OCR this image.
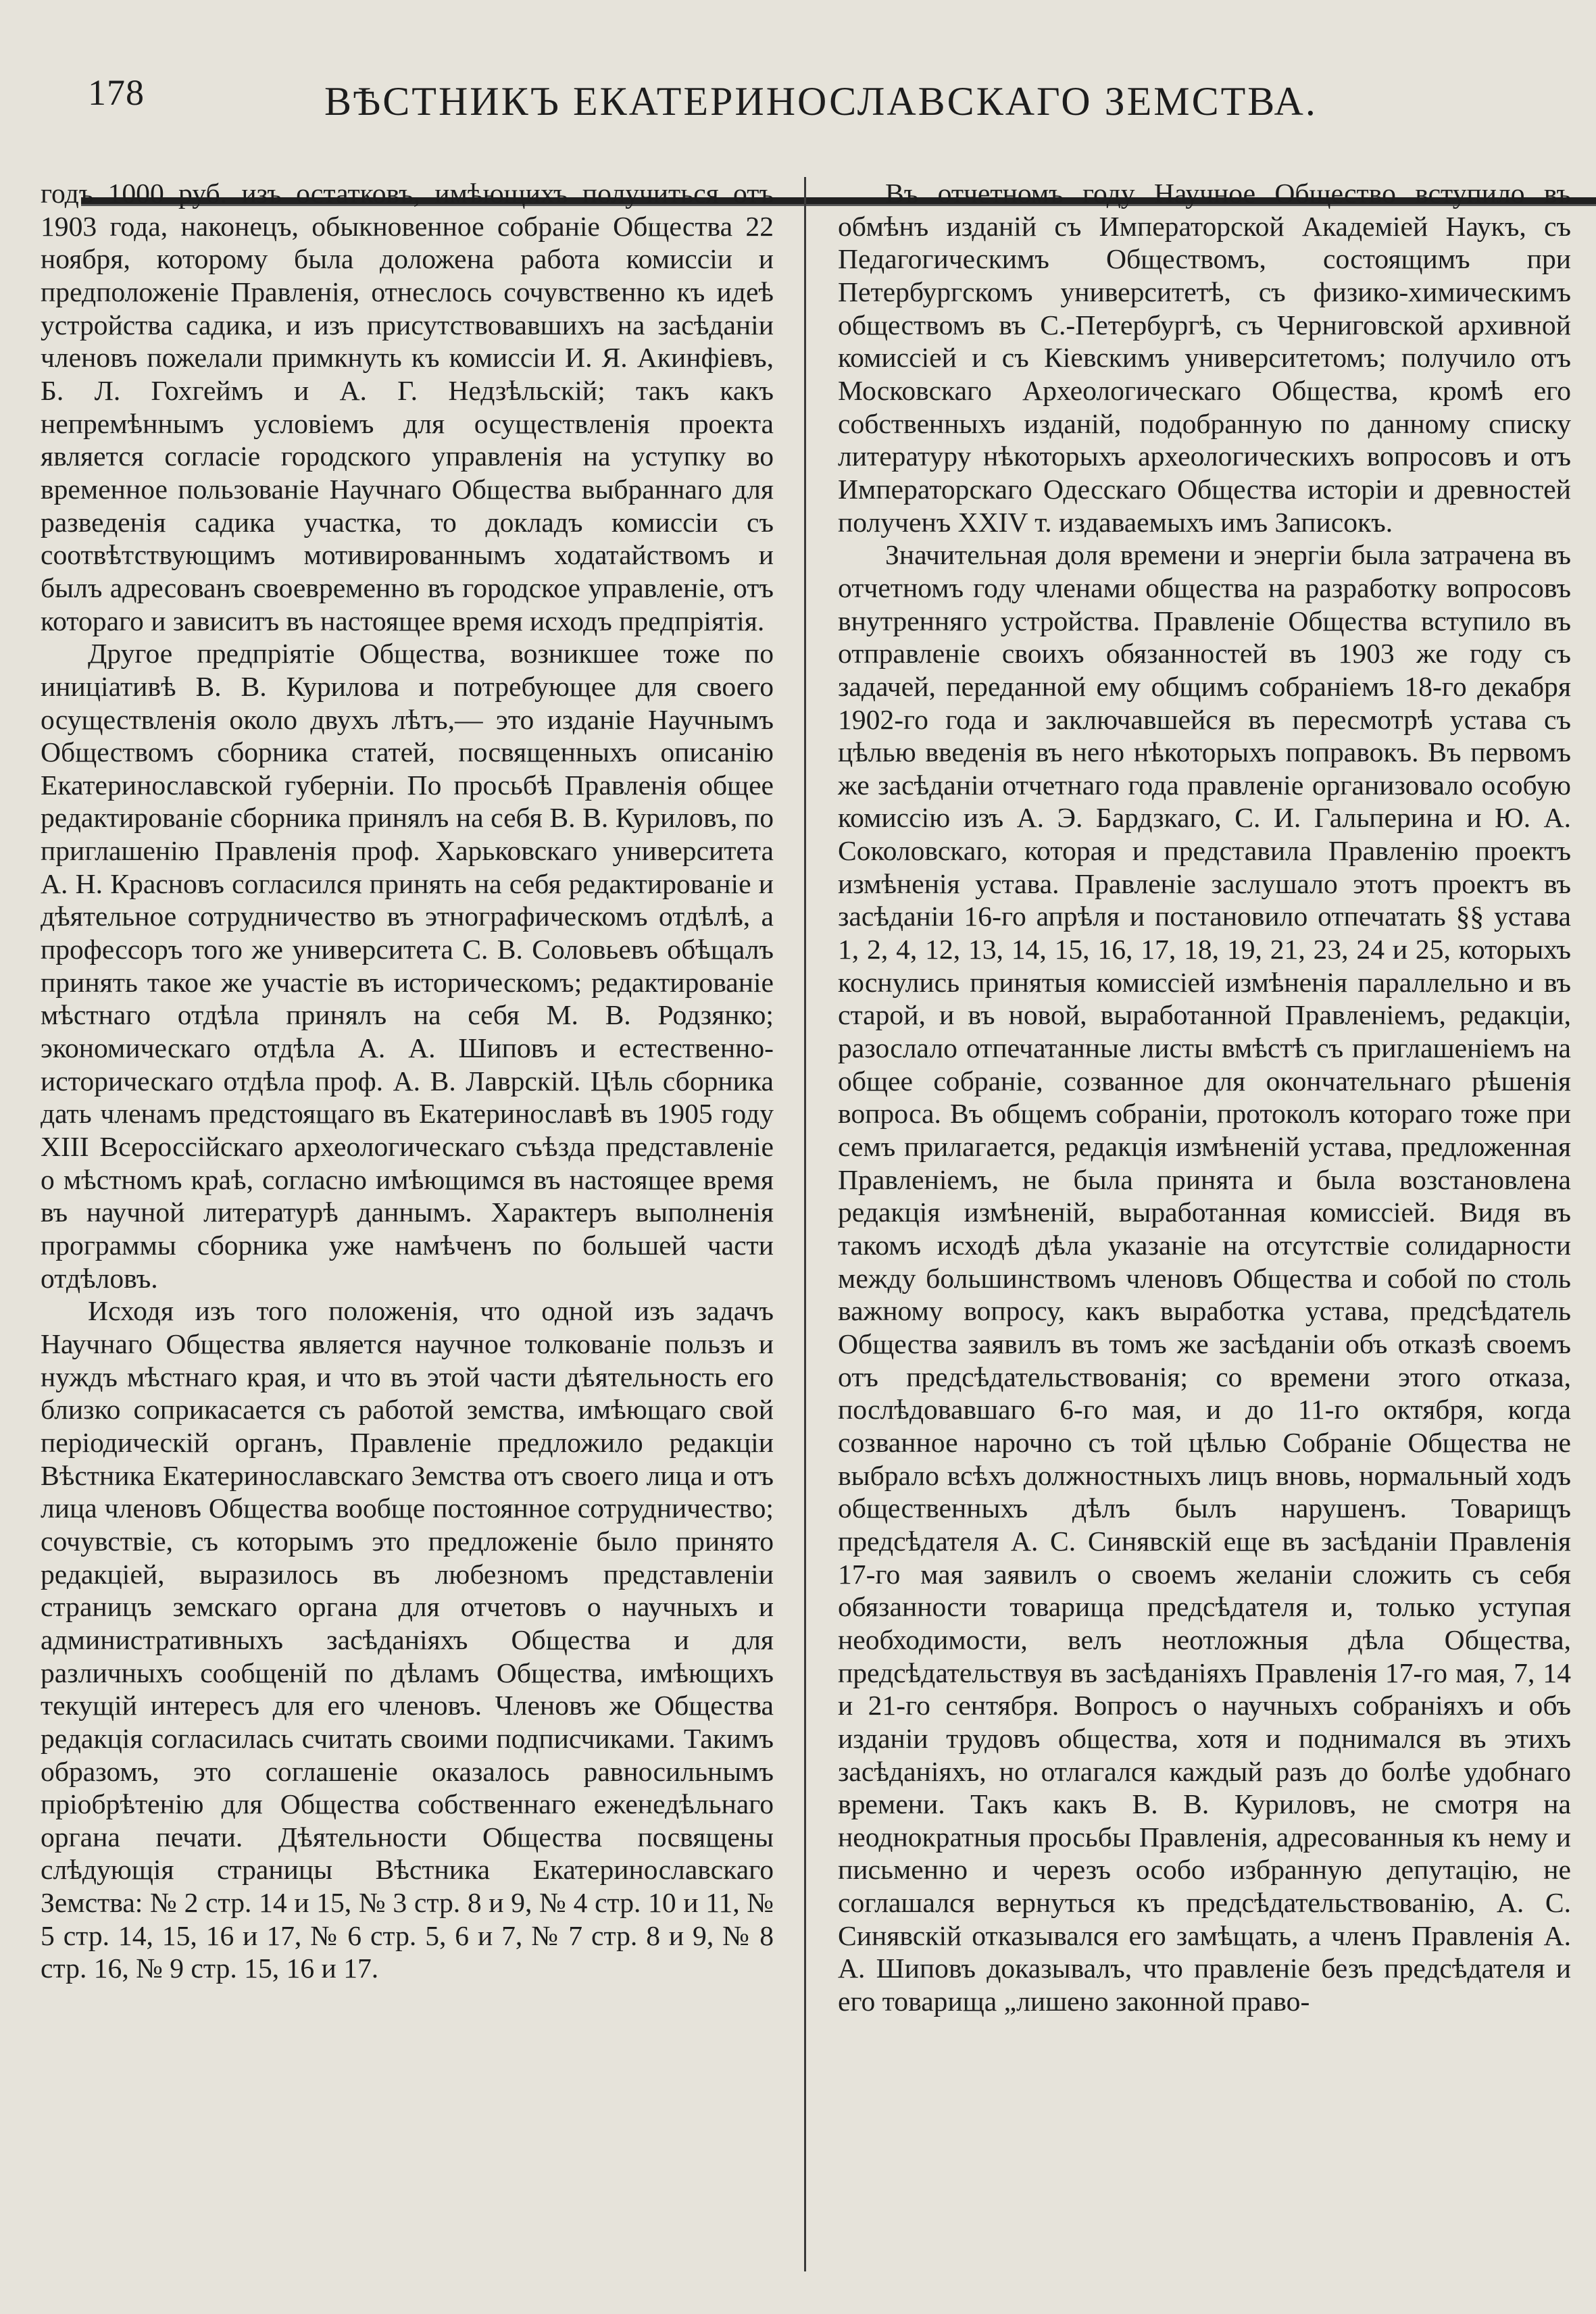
178	ВѢСТНИКЪ ЕКАТЕРИНОСЛАВСКАГО ЗЕМСТВА.

годъ 1000 руб. изъ остатковъ, имѣющихъ получиться отъ 1903 года, наконецъ, обыкновенное собраніе Общества 22 ноября, которому была доложена работа комиссіи и предположеніе Правленія, отнеслось сочувственно къ идеѣ устройства садика, и изъ присутствовавшихъ на засѣданіи членовъ пожелали примкнуть къ комиссіи И. Я. Акинфіевъ, Б. Л. Гохгеймъ и А. Г. Недзѣльскій; такъ какъ непремѣннымъ условіемъ для осуществленія проекта является согласіе городского управленія на уступку во временное пользованіе Научнаго Общества выбраннаго для разведенія садика участка, то докладъ комиссіи съ соотвѣтствующимъ мотивированнымъ ходатайствомъ и былъ адресованъ своевременно въ городское управленіе, отъ котораго и зависитъ въ настоящее время исходъ предпріятія.

Другое предпріятіе Общества, возникшее тоже по иниціативѣ В. В. Курилова и потребующее для своего осуществленія около двухъ лѣтъ,— это изданіе Научнымъ Обществомъ сборника статей, посвященныхъ описанію Екатеринославской губерніи. По просьбѣ Правленія общее редактированіе сборника принялъ на себя В. В. Куриловъ, по приглашенію Правленія проф. Харьковскаго университета А. Н. Красновъ согласился принять на себя редактированіе и дѣятельное сотрудничество въ этнографическомъ отдѣлѣ, а профессоръ того же университета С. В. Соловьевъ обѣщалъ принять такое же участіе въ историческомъ; редактированіе мѣстнаго отдѣла принялъ на себя М. В. Родзянко; экономическаго отдѣла А. А. Шиповъ и естественно-историческаго отдѣла проф. А. В. Лаврскій. Цѣль сборника дать членамъ предстоящаго въ Екатеринославѣ въ 1905 году XIII Всероссійскаго археологическаго съѣзда представленіе о мѣстномъ краѣ, согласно имѣющимся въ настоящее время въ научной литературѣ даннымъ. Характеръ выполненія программы сборника уже намѣченъ по большей части отдѣловъ.

Исходя изъ того положенія, что одной изъ задачъ Научнаго Общества является научное толкованіе пользъ и нуждъ мѣстнаго края, и что въ этой части дѣятельность его близко соприкасается съ работой земства, имѣющаго свой періодическій органъ, Правленіе предложило редакціи Вѣстника Екатеринославскаго Земства отъ своего лица и отъ лица членовъ Общества вообще постоянное сотрудничество; сочувствіе, съ которымъ это предложеніе было принято редакціей, выразилось въ любезномъ представленіи страницъ земскаго органа для отчетовъ о научныхъ и административныхъ засѣданіяхъ Общества и для различныхъ сообщеній по дѣламъ Общества, имѣющихъ текущій интересъ для его членовъ. Членовъ же Общества редакція согласилась считать своими подписчиками. Такимъ образомъ, это соглашеніе оказалось равносильнымъ пріобрѣтенію для Общества собственнаго еженедѣльнаго органа печати. Дѣятельности Общества посвящены слѣдующія страницы Вѣстника Екатеринославскаго Земства: № 2 стр. 14 и 15, № 3 стр. 8 и 9, № 4 стр. 10 и 11, № 5 стр. 14, 15, 16 и 17, № 6 стр. 5, 6 и 7, № 7 стр. 8 и 9, № 8 стр. 16, № 9 стр. 15, 16 и 17.

Въ отчетномъ году Научное Общество вступило въ обмѣнъ изданій съ Императорской Академіей Наукъ, съ Педагогическимъ Обществомъ, состоящимъ при Петербургскомъ университетѣ, съ физико-химическимъ обществомъ въ С.-Петербургѣ, съ Черниговской архивной комиссіей и съ Кіевскимъ университетомъ; получило отъ Московскаго Археологическаго Общества, кромѣ его собственныхъ изданій, подобранную по данному списку литературу нѣкоторыхъ археологическихъ вопросовъ и отъ Императорскаго Одесскаго Общества исторіи и древностей полученъ XXIV т. издаваемыхъ имъ Записокъ.

Значительная доля времени и энергіи была затрачена въ отчетномъ году членами общества на разработку вопросовъ внутренняго устройства. Правленіе Общества вступило въ отправленіе своихъ обязанностей въ 1903 же году съ задачей, переданной ему общимъ собраніемъ 18-го декабря 1902-го года и заключавшейся въ пересмотрѣ устава съ цѣлью введенія въ него нѣкоторыхъ поправокъ. Въ первомъ же засѣданіи отчетнаго года правленіе организовало особую комиссію изъ А. Э. Бардзкаго, С. И. Гальперина и Ю. А. Соколовскаго, которая и представила Правленію проектъ измѣненія устава. Правленіе заслушало этотъ проектъ въ засѣданіи 16-го апрѣля и постановило отпечатать §§ устава 1, 2, 4, 12, 13, 14, 15, 16, 17, 18, 19, 21, 23, 24 и 25, которыхъ коснулись принятыя комиссіей измѣненія параллельно и въ старой, и въ новой, выработанной Правленіемъ, редакціи, разослало отпечатанные листы вмѣстѣ съ приглашеніемъ на общее собраніе, созванное для окончательнаго рѣшенія вопроса. Въ общемъ собраніи, протоколъ котораго тоже при семъ прилагается, редакція измѣненій устава, предложенная Правленіемъ, не была принята и была возстановлена редакція измѣненій, выработанная комиссіей. Видя въ такомъ исходѣ дѣла указаніе на отсутствіе солидарности между большинствомъ членовъ Общества и собой по столь важному вопросу, какъ выработка устава, предсѣдатель Общества заявилъ въ томъ же засѣданіи объ отказѣ своемъ отъ предсѣдательствованія; со времени этого отказа, послѣдовавшаго 6-го мая, и до 11-го октября, когда созванное нарочно съ той цѣлью Собраніе Общества не выбрало всѣхъ должностныхъ лицъ вновь, нормальный ходъ общественныхъ дѣлъ былъ нарушенъ. Товарищъ предсѣдателя А. С. Синявскій еще въ засѣданіи Правленія 17-го мая заявилъ о своемъ желаніи сложить съ себя обязанности товарища предсѣдателя и, только уступая необходимости, велъ неотложныя дѣла Общества, предсѣдательствуя въ засѣданіяхъ Правленія 17-го мая, 7, 14 и 21-го сентября. Вопросъ о научныхъ собраніяхъ и объ изданіи трудовъ общества, хотя и поднимался въ этихъ засѣданіяхъ, но отлагался каждый разъ до болѣе удобнаго времени. Такъ какъ В. В. Куриловъ, не смотря на неоднократныя просьбы Правленія, адресованныя къ нему и письменно и черезъ особо избранную депутацію, не соглашался вернуться къ предсѣдательствованію, А. С. Синявскій отказывался его замѣщать, а членъ Правленія А. А. Шиповъ доказывалъ, что правленіе безъ предсѣдателя и его товарища „лишено законной право-
